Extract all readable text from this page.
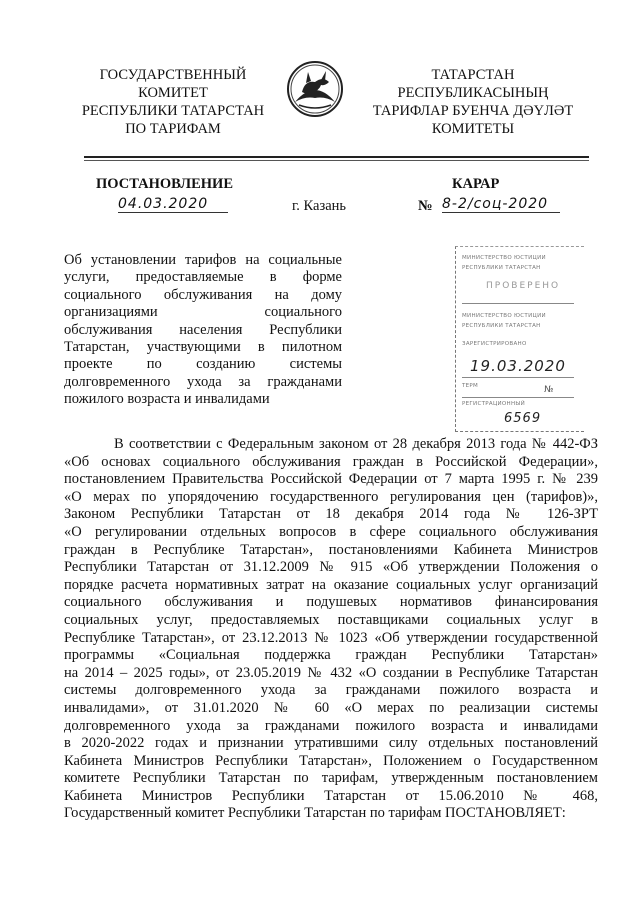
ГОСУДАРСТВЕННЫЙ
КОМИТЕТ
РЕСПУБЛИКИ ТАТАРСТАН
ПО ТАРИФАМ
ТАТАРСТАН
РЕСПУБЛИКАСЫНЫҢ
ТАРИФЛАР БУЕНЧА ДӘҮЛӘТ
КОМИТЕТЫ
ПОСТАНОВЛЕНИЕ	КАРАР
04.03.2020	г. Казань	№ 8-2/соц-2020
Об установлении тарифов на социальные
услуги, предоставляемые в форме
социального обслуживания на дому
организациями социального
обслуживания населения Республики
Татарстан, участвующими в пилотном
проекте по созданию системы
долговременного ухода за гражданами
пожилого возраста и инвалидами
МИНИСТЕРСТВО ЮСТИЦИИ
РЕСПУБЛИКИ ТАТАРСТАН
ПРОВЕРЕНО
МИНИСТЕРСТВО ЮСТИЦИИ
РЕСПУБЛИКИ ТАТАРСТАН
ЗАРЕГИСТРИРОВАНО
19.03.2020
ТЕРМ	№
РЕГИСТРАЦИОННЫЙ
6569
В соответствии с Федеральным законом от 28 декабря 2013 года № 442-ФЗ
«Об основах социального обслуживания граждан в Российской Федерации»,
постановлением Правительства Российской Федерации от 7 марта 1995 г. № 239
«О мерах по упорядочению государственного регулирования цен (тарифов)»,
Законом Республики Татарстан от 18 декабря 2014 года № 126-ЗРТ
«О регулировании отдельных вопросов в сфере социального обслуживания
граждан в Республике Татарстан», постановлениями Кабинета Министров
Республики Татарстан от 31.12.2009 № 915 «Об утверждении Положения о
порядке расчета нормативных затрат на оказание социальных услуг организаций
социального обслуживания и подушевых нормативов финансирования
социальных услуг, предоставляемых поставщиками социальных услуг в
Республике Татарстан», от 23.12.2013 № 1023 «Об утверждении государственной
программы «Социальная поддержка граждан Республики Татарстан»
на 2014 – 2025 годы», от 23.05.2019 № 432 «О создании в Республике Татарстан
системы долговременного ухода за гражданами пожилого возраста и
инвалидами», от 31.01.2020 № 60 «О мерах по реализации системы
долговременного ухода за гражданами пожилого возраста и инвалидами
в 2020-2022 годах и признании утратившими силу отдельных постановлений
Кабинета Министров Республики Татарстан», Положением о Государственном
комитете Республики Татарстан по тарифам, утвержденным постановлением
Кабинета Министров Республики Татарстан от 15.06.2010 № 468,
Государственный комитет Республики Татарстан по тарифам ПОСТАНОВЛЯЕТ:
